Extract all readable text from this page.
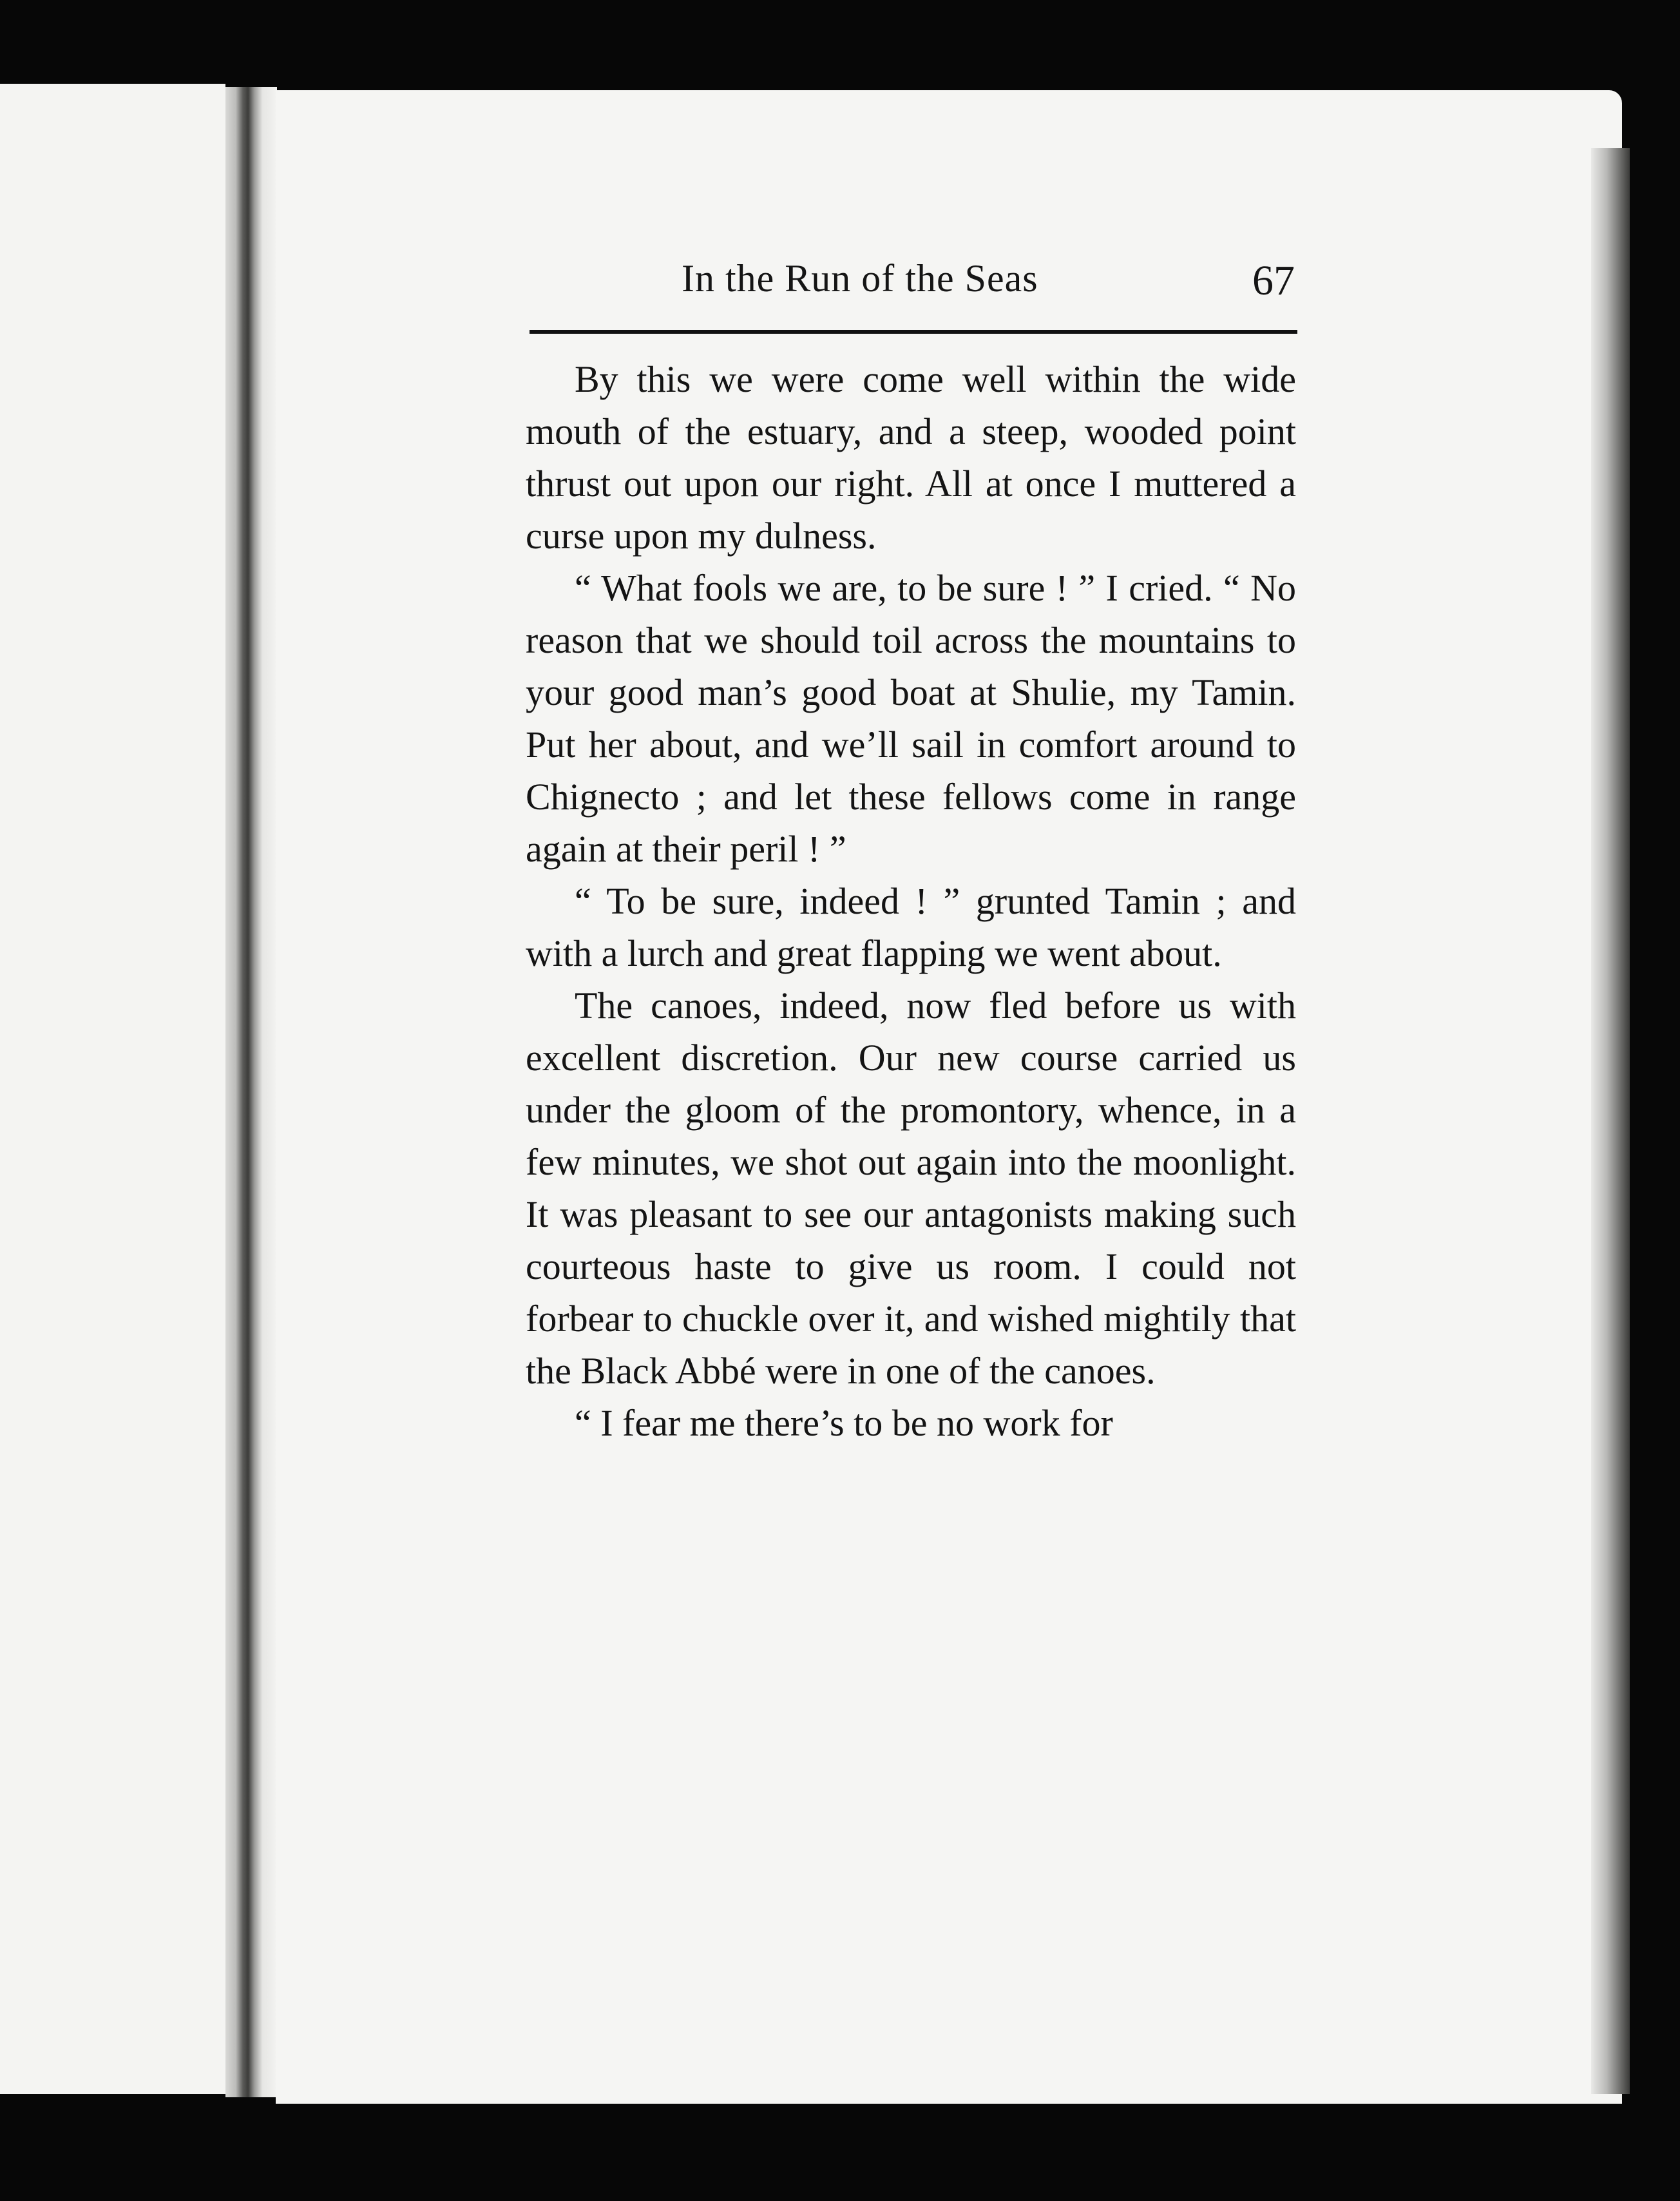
In the Run of the Seas	67

By this we were come well within the wide mouth of the estuary, and a steep, wooded point thrust out upon our right. All at once I muttered a curse upon my dulness.

“ What fools we are, to be sure ! ” I cried. “ No reason that we should toil across the mountains to your good man’s good boat at Shulie, my Tamin. Put her about, and we’ll sail in comfort around to Chignecto ; and let these fellows come in range again at their peril ! ”

“ To be sure, indeed ! ” grunted Tamin ; and with a lurch and great flapping we went about.

The canoes, indeed, now fled before us with excellent discretion. Our new course carried us under the gloom of the promontory, whence, in a few minutes, we shot out again into the moonlight. It was pleasant to see our antagonists making such courteous haste to give us room. I could not forbear to chuckle over it, and wished mightily that the Black Abbé were in one of the canoes.

“ I fear me there’s to be no work for
